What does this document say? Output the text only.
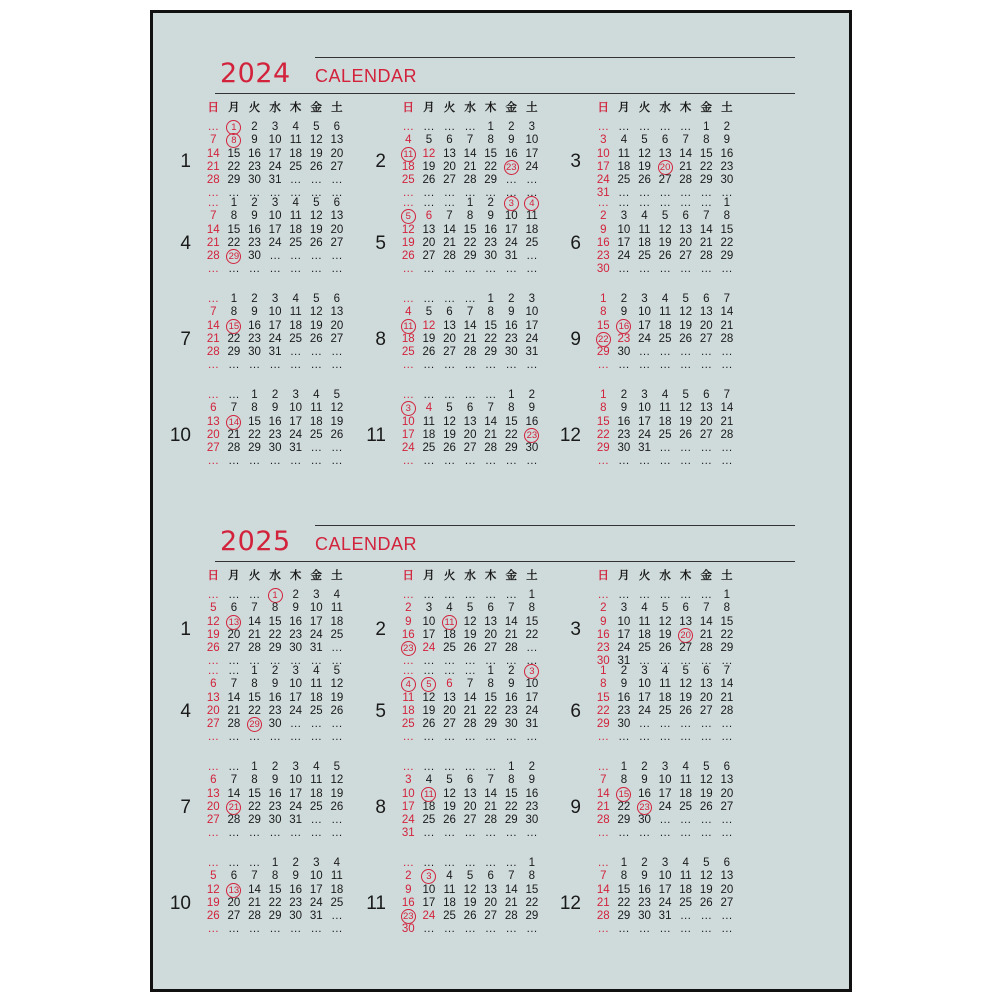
2024 CALENDAR
1
日 月 火 水 木 金 土
…	1	2	3	4	5	6
7	8	9 10 11 12 13
14 15 16 17 18 19 20
21 22 23 24 25 26 27
28 29 30 31 … … …
… … … … … … …
2
日 月 火 水 木 金 土
… … … …	1	2	3
4	5	6	7	8	9 10
11 12 13 14 15 16 17
18 19 20 21 22 23 24
25 26 27 28 29 … …
… … … … … … …
3
日 月 火 水 木 金 土
… … … … …	1	2
3	4	5	6	7	8	9
10 11 12 13 14 15 16
17 18 19 20 21 22 23
24 25 26 27 28 29 30
31 … … … … … …
4
…	1	2	3	4	5	6
7	8	9 10 11 12 13
14 15 16 17 18 19 20
21 22 23 24 25 26 27
28 29 30 … … … …
… … … … … … …
5
… … …	1	2	3	4
5	6	7	8	9 10 11
12 13 14 15 16 17 18
19 20 21 22 23 24 25
26 27 28 29 30 31 …
… … … … … … …
6
… … … … … …	1
2	3	4	5	6	7	8
9 10 11 12 13 14 15
16 17 18 19 20 21 22
23 24 25 26 27 28 29
30 … … … … … …
7
…	1	2	3	4	5	6
7	8	9 10 11 12 13
14 15 16 17 18 19 20
21 22 23 24 25 26 27
28 29 30 31 … … …
… … … … … … …
8
… … … …	1	2	3
4	5	6	7	8	9 10
11 12 13 14 15 16 17
18 19 20 21 22 23 24
25 26 27 28 29 30 31
… … … … … … …
9
1	2	3	4	5	6	7
8	9 10 11 12 13 14
15 16 17 18 19 20 21
22 23 24 25 26 27 28
29 30 … … … … …
… … … … … … …
10
… …	1	2	3	4	5
6	7	8	9 10 11 12
13 14 15 16 17 18 19
20 21 22 23 24 25 26
27 28 29 30 31 … …
… … … … … … …
11
… … … … …	1	2
3	4	5	6	7	8	9
10 11 12 13 14 15 16
17 18 19 20 21 22 23
24 25 26 27 28 29 30
… … … … … … …
12
1	2	3	4	5	6	7
8	9 10 11 12 13 14
15 16 17 18 19 20 21
22 23 24 25 26 27 28
29 30 31 … … … …
… … … … … … …
2025 CALENDAR
1
日 月 火 水 木 金 土
… … …	1	2	3	4
5	6	7	8	9 10 11
12 13 14 15 16 17 18
19 20 21 22 23 24 25
26 27 28 29 30 31 …
… … … … … … …
2
日 月 火 水 木 金 土
… … … … … …	1
2	3	4	5	6	7	8
9 10 11 12 13 14 15
16 17 18 19 20 21 22
23 24 25 26 27 28 …
… … … … … … …
3
日 月 火 水 木 金 土
… … … … … …	1
2	3	4	5	6	7	8
9 10 11 12 13 14 15
16 17 18 19 20 21 22
23 24 25 26 27 28 29
30 31 … … … … …
4
… …	1	2	3	4	5
6	7	8	9 10 11 12
13 14 15 16 17 18 19
20 21 22 23 24 25 26
27 28 29 30 … … …
… … … … … … …
5
… … … …	1	2	3
4	5	6	7	8	9 10
11 12 13 14 15 16 17
18 19 20 21 22 23 24
25 26 27 28 29 30 31
… … … … … … …
6
1	2	3	4	5	6	7
8	9 10 11 12 13 14
15 16 17 18 19 20 21
22 23 24 25 26 27 28
29 30 … … … … …
… … … … … … …
7
… …	1	2	3	4	5
6	7	8	9 10 11 12
13 14 15 16 17 18 19
20 21 22 23 24 25 26
27 28 29 30 31 … …
… … … … … … …
8
… … … … …	1	2
3	4	5	6	7	8	9
10 11 12 13 14 15 16
17 18 19 20 21 22 23
24 25 26 27 28 29 30
31 … … … … … …
9
…	1	2	3	4	5	6
7	8	9 10 11 12 13
14 15 16 17 18 19 20
21 22 23 24 25 26 27
28 29 30 … … … …
… … … … … … …
10
… … …	1	2	3	4
5	6	7	8	9 10 11
12 13 14 15 16 17 18
19 20 21 22 23 24 25
26 27 28 29 30 31 …
… … … … … … …
11
… … … … … …	1
2	3	4	5	6	7	8
9 10 11 12 13 14 15
16 17 18 19 20 21 22
23 24 25 26 27 28 29
30 … … … … … …
12
…	1	2	3	4	5	6
7	8	9 10 11 12 13
14 15 16 17 18 19 20
21 22 23 24 25 26 27
28 29 30 31 … … …
… … … … … … …
